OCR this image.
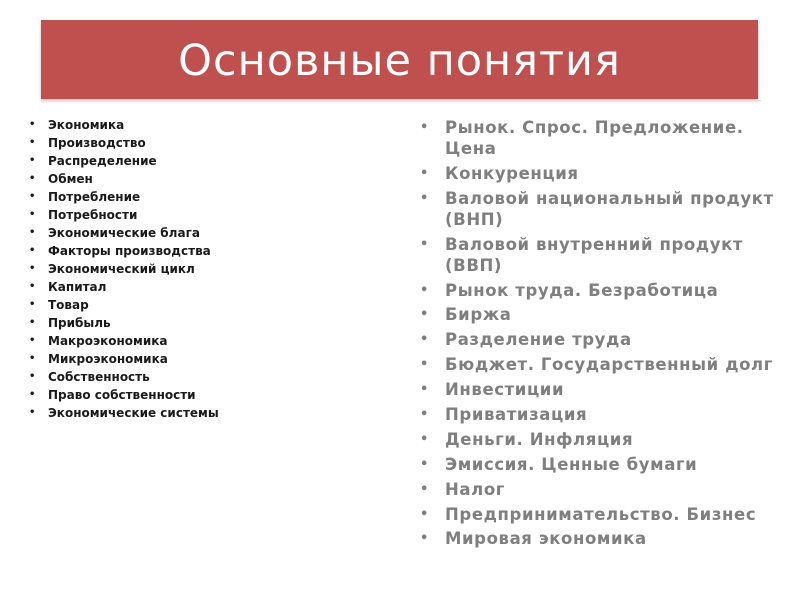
Основные понятия
• Экономика
• Производство
• Распределение
• Обмен
• Потребление
• Потребности
• Экономические блага
• Факторы производства
• Экономический цикл
• Капитал
• Товар
• Прибыль
• Макроэкономика
• Микроэкономика
• Собственность
• Право собственности
• Экономические системы
• Рынок. Спрос. Предложение. Цена
• Конкуренция
• Валовой национальный продукт (ВНП)
• Валовой внутренний продукт (ВВП)
• Рынок труда. Безработица
• Биржа
• Разделение труда
• Бюджет. Государственный долг
• Инвестиции
• Приватизация
• Деньги. Инфляция
• Эмиссия. Ценные бумаги
• Налог
• Предпринимательство. Бизнес
• Мировая экономика
